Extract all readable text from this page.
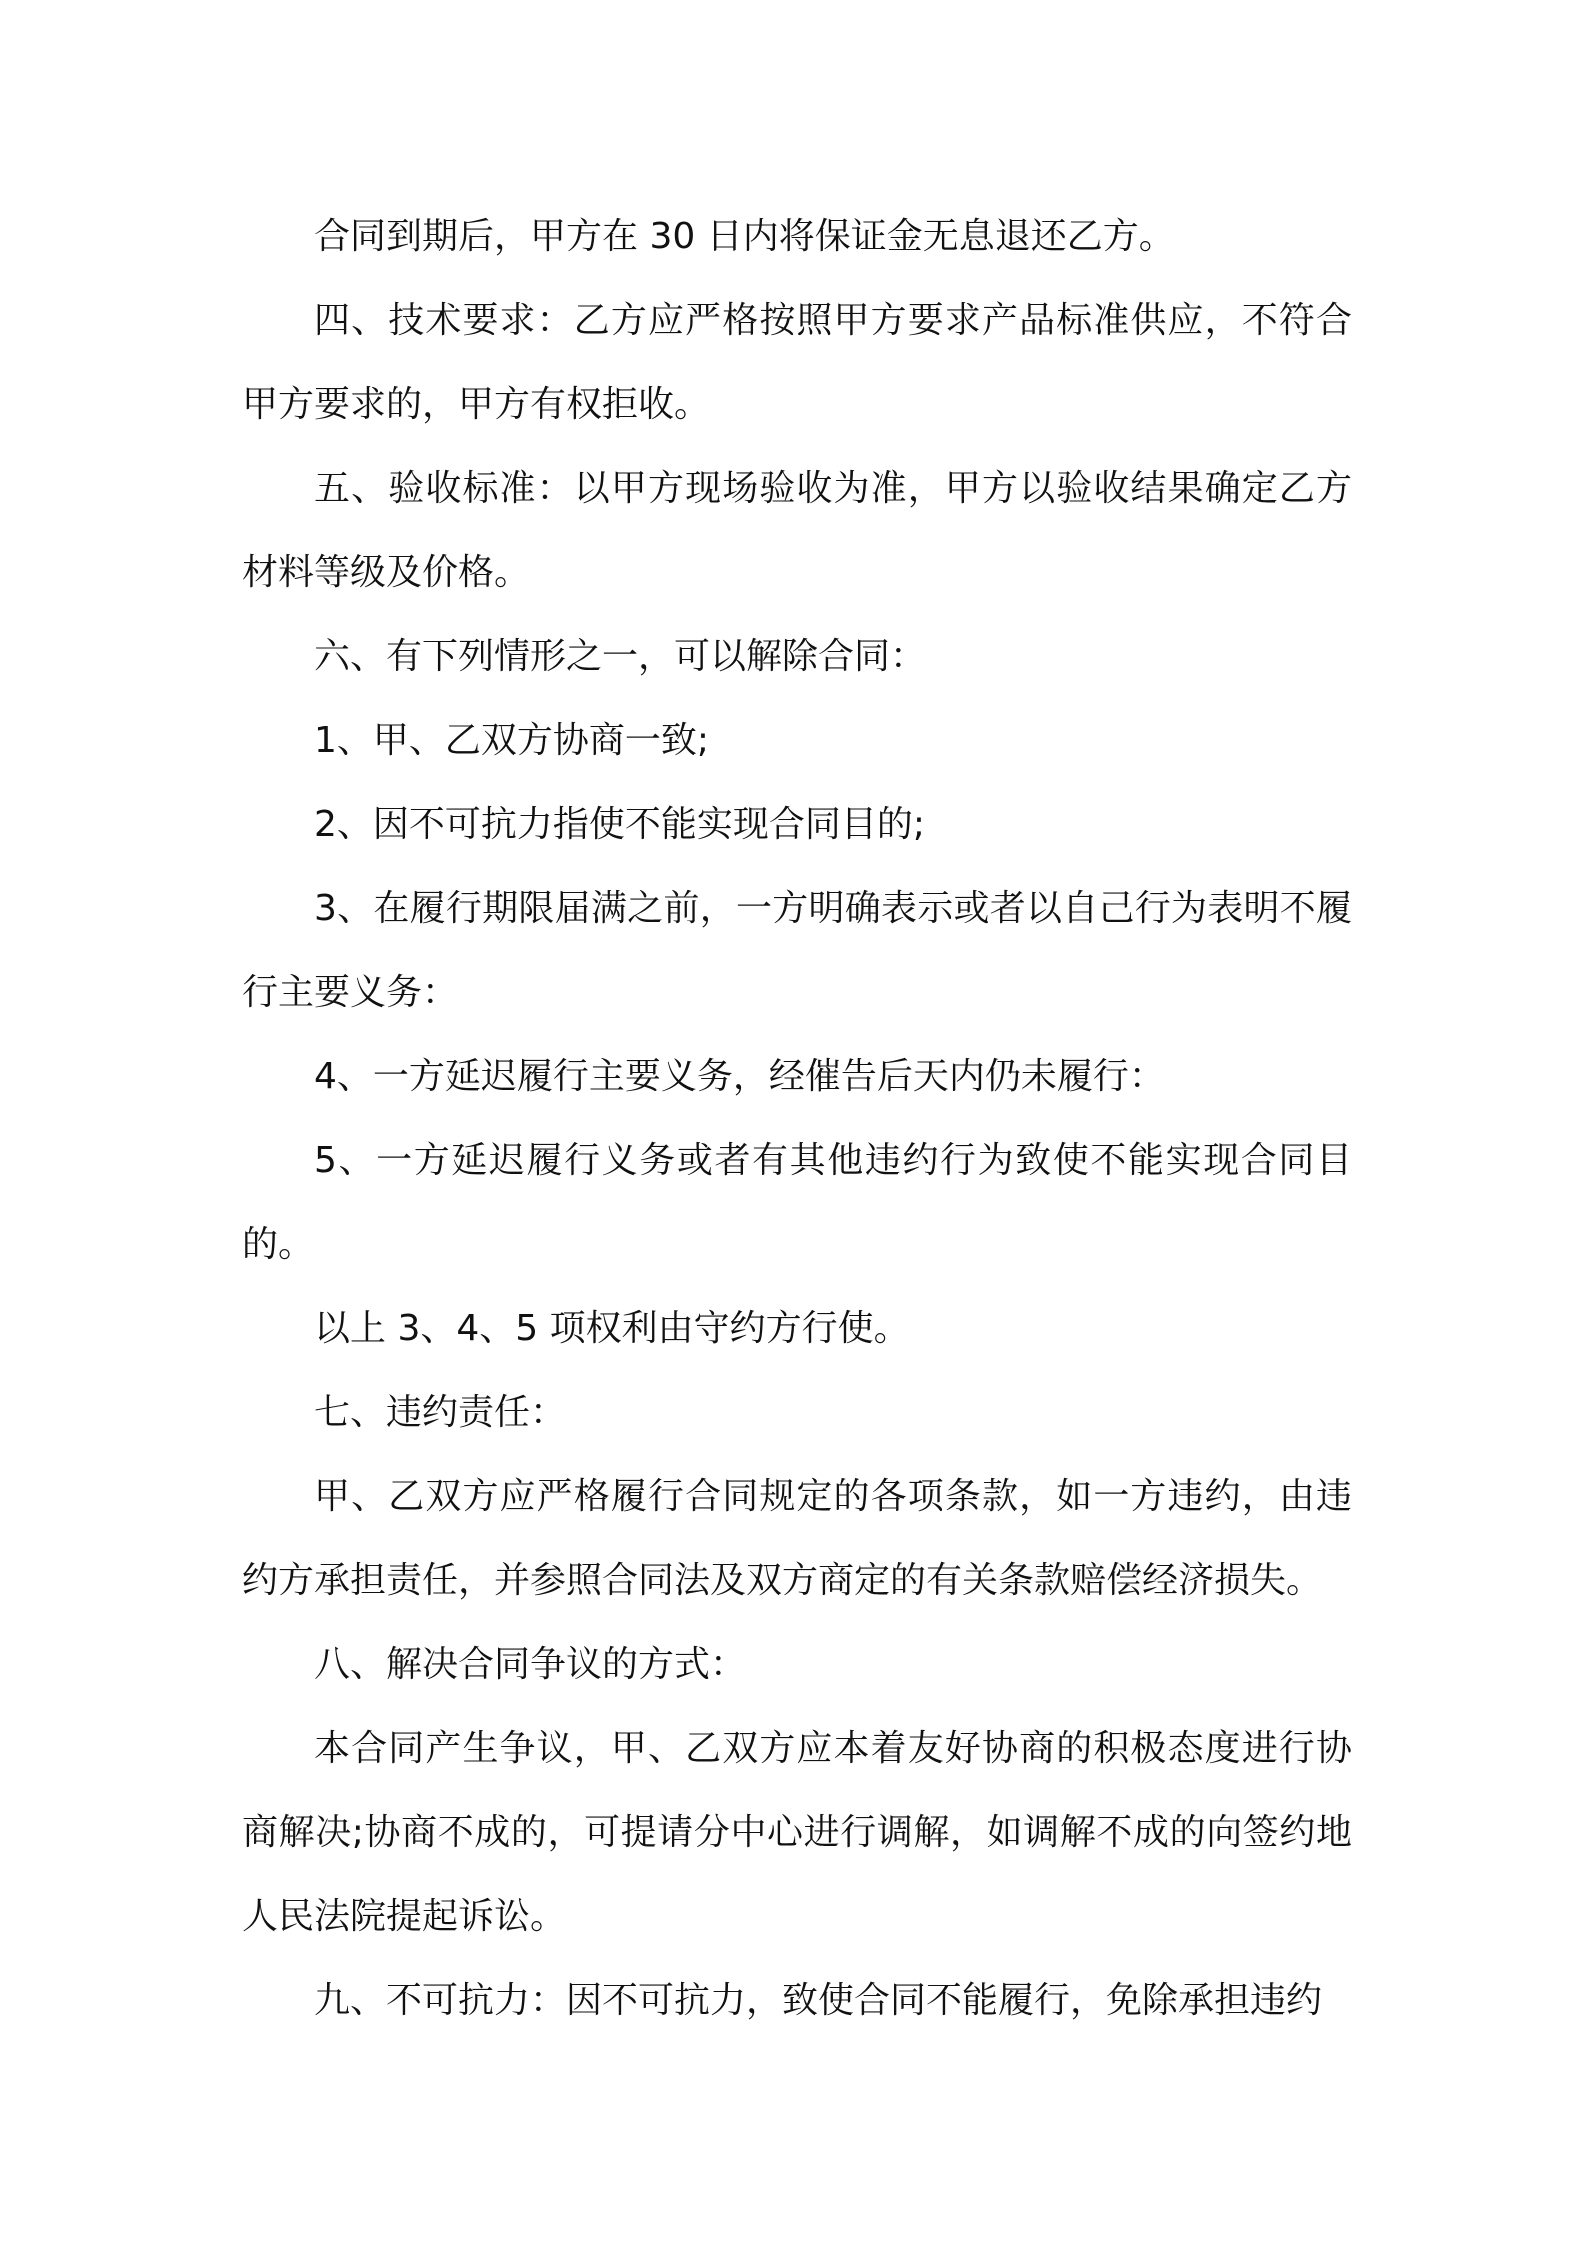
合同到期后，甲方在 30 日内将保证金无息退还乙方。

四、技术要求：乙方应严格按照甲方要求产品标准供应，不符合甲方要求的，甲方有权拒收。

五、验收标准：以甲方现场验收为准，甲方以验收结果确定乙方材料等级及价格。

六、有下列情形之一，可以解除合同：

1、甲、乙双方协商一致;

2、因不可抗力指使不能实现合同目的;

3、在履行期限届满之前，一方明确表示或者以自己行为表明不履行主要义务：

4、一方延迟履行主要义务，经催告后天内仍未履行：

5、一方延迟履行义务或者有其他违约行为致使不能实现合同目的。

以上 3、4、5 项权利由守约方行使。

七、违约责任：

甲、乙双方应严格履行合同规定的各项条款，如一方违约，由违约方承担责任，并参照合同法及双方商定的有关条款赔偿经济损失。

八、解决合同争议的方式：

本合同产生争议，甲、乙双方应本着友好协商的积极态度进行协商解决;协商不成的，可提请分中心进行调解，如调解不成的向签约地人民法院提起诉讼。

九、不可抗力：因不可抗力，致使合同不能履行，免除承担违约
